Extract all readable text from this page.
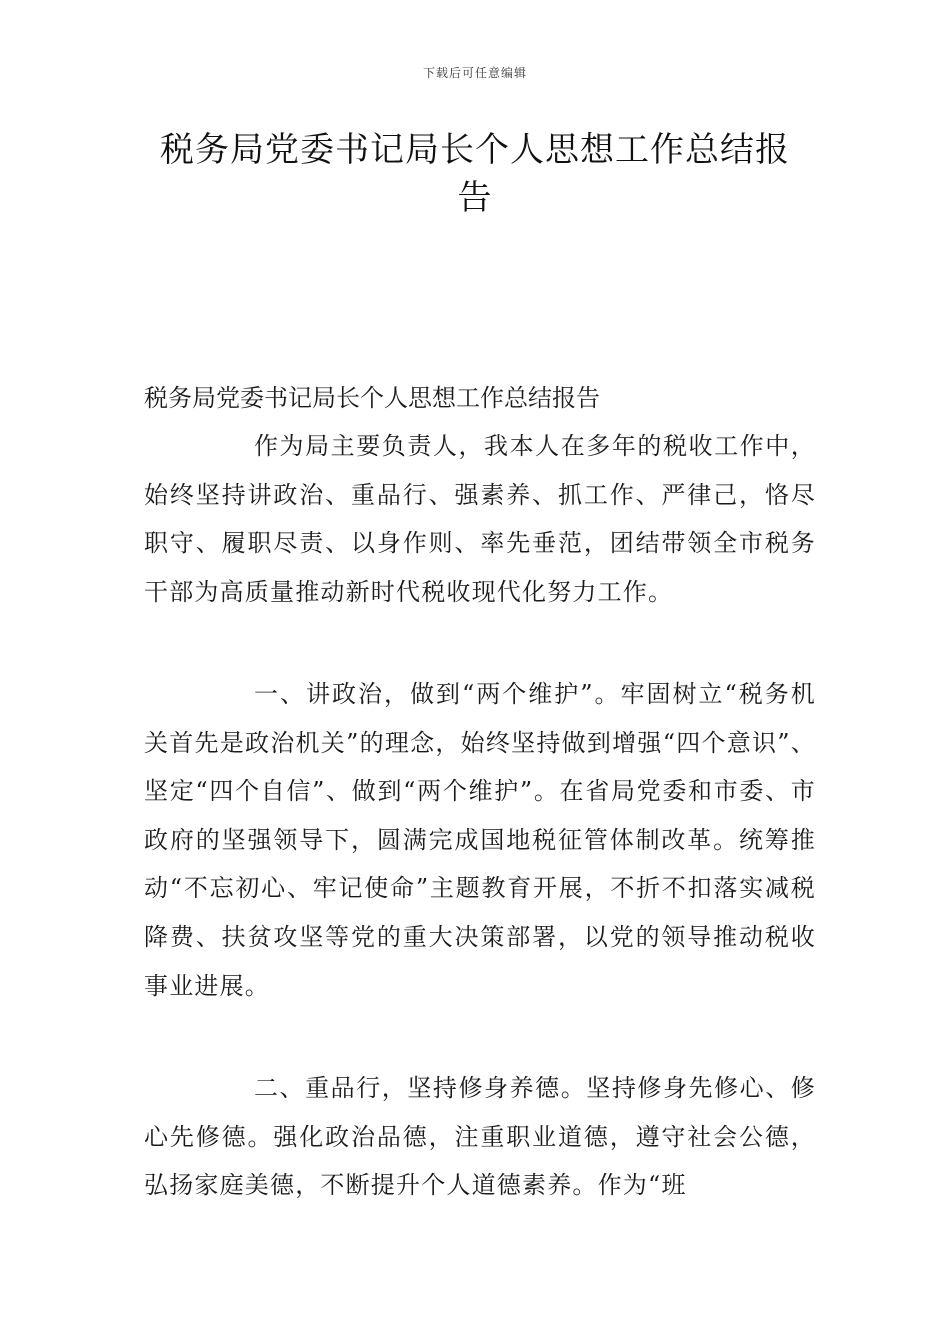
下载后可任意编辑
税务局党委书记局长个人思想工作总结报告

税务局党委书记局长个人思想工作总结报告

作为局主要负责人，我本人在多年的税收工作中，始终坚持讲政治、重品行、强素养、抓工作、严律己，恪尽职守、履职尽责、以身作则、率先垂范，团结带领全市税务干部为高质量推动新时代税收现代化努力工作。

一、讲政治，做到“两个维护”。牢固树立“税务机关首先是政治机关”的理念，始终坚持做到增强“四个意识”、坚定“四个自信”、做到“两个维护”。在省局党委和市委、市政府的坚强领导下，圆满完成国地税征管体制改革。统筹推动“不忘初心、牢记使命”主题教育开展，不折不扣落实减税降费、扶贫攻坚等党的重大决策部署，以党的领导推动税收事业进展。

二、重品行，坚持修身养德。坚持修身先修心、修心先修德。强化政治品德，注重职业道德，遵守社会公德，弘扬家庭美德，不断提升个人道德素养。作为“班
